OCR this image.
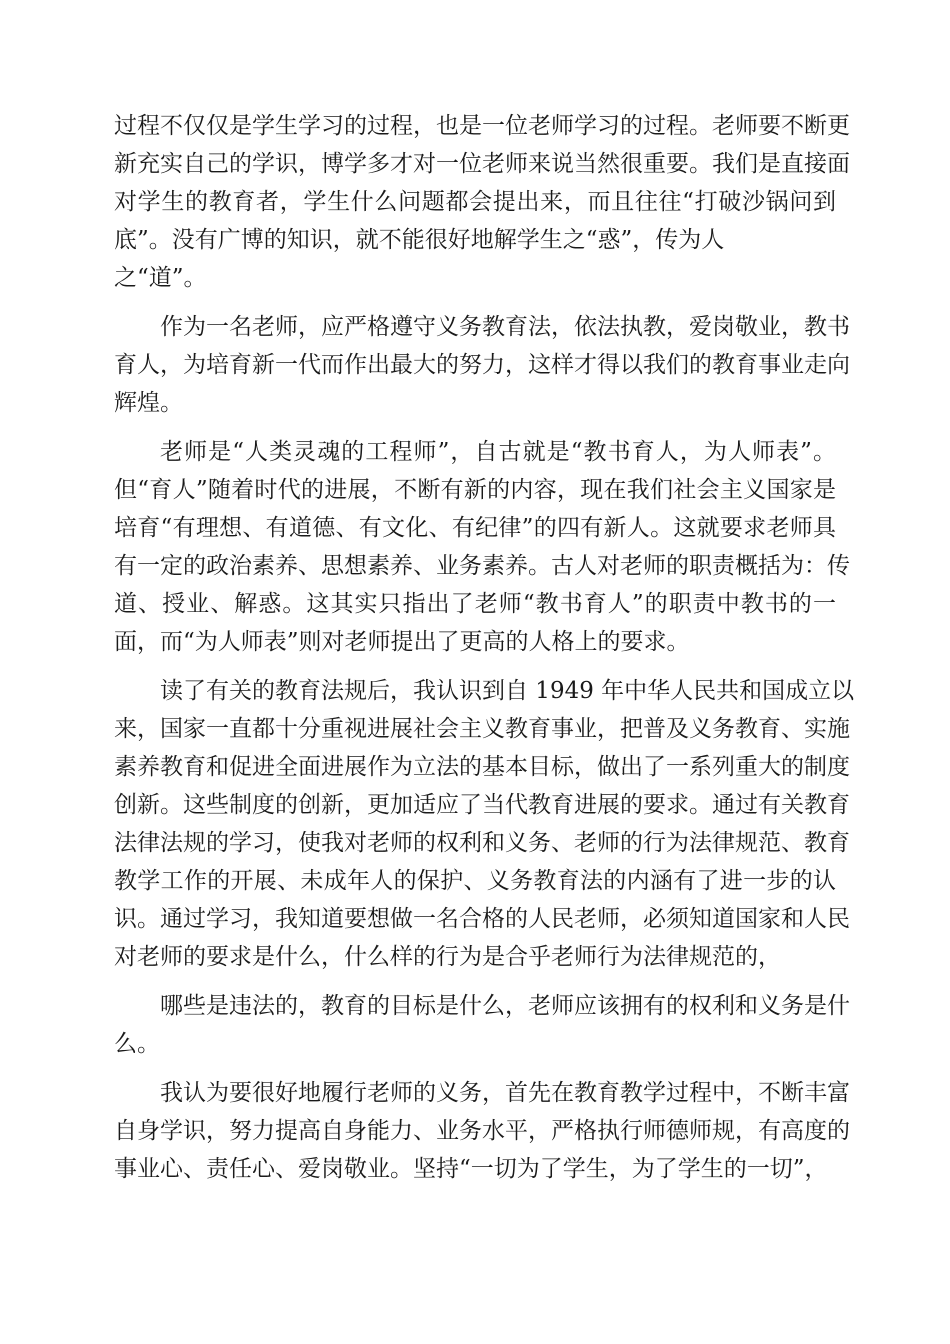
过程不仅仅是学生学习的过程，也是一位老师学习的过程。老师要不断更
新充实自己的学识，博学多才对一位老师来说当然很重要。我们是直接面
对学生的教育者，学生什么问题都会提出来，而且往往“打破沙锅问到
底”。没有广博的知识，就不能很好地解学生之“惑”，传为人
之“道”。

作为一名老师，应严格遵守义务教育法，依法执教，爱岗敬业，教书
育人，为培育新一代而作出最大的努力，这样才得以我们的教育事业走向
辉煌。

老师是“人类灵魂的工程师”，自古就是“教书育人，为人师表”。
但“育人”随着时代的进展，不断有新的内容，现在我们社会主义国家是
培育“有理想、有道德、有文化、有纪律”的四有新人。这就要求老师具
有一定的政治素养、思想素养、业务素养。古人对老师的职责概括为：传
道、授业、解惑。这其实只指出了老师“教书育人”的职责中教书的一
面，而“为人师表”则对老师提出了更高的人格上的要求。

读了有关的教育法规后，我认识到自 1949 年中华人民共和国成立以
来，国家一直都十分重视进展社会主义教育事业，把普及义务教育、实施
素养教育和促进全面进展作为立法的基本目标，做出了一系列重大的制度
创新。这些制度的创新，更加适应了当代教育进展的要求。通过有关教育
法律法规的学习，使我对老师的权利和义务、老师的行为法律规范、教育
教学工作的开展、未成年人的保护、义务教育法的内涵有了进一步的认
识。通过学习，我知道要想做一名合格的人民老师，必须知道国家和人民
对老师的要求是什么，什么样的行为是合乎老师行为法律规范的，

哪些是违法的，教育的目标是什么，老师应该拥有的权利和义务是什
么。

我认为要很好地履行老师的义务，首先在教育教学过程中，不断丰富
自身学识，努力提高自身能力、业务水平，严格执行师德师规，有高度的
事业心、责任心、爱岗敬业。坚持“一切为了学生，为了学生的一切”，
